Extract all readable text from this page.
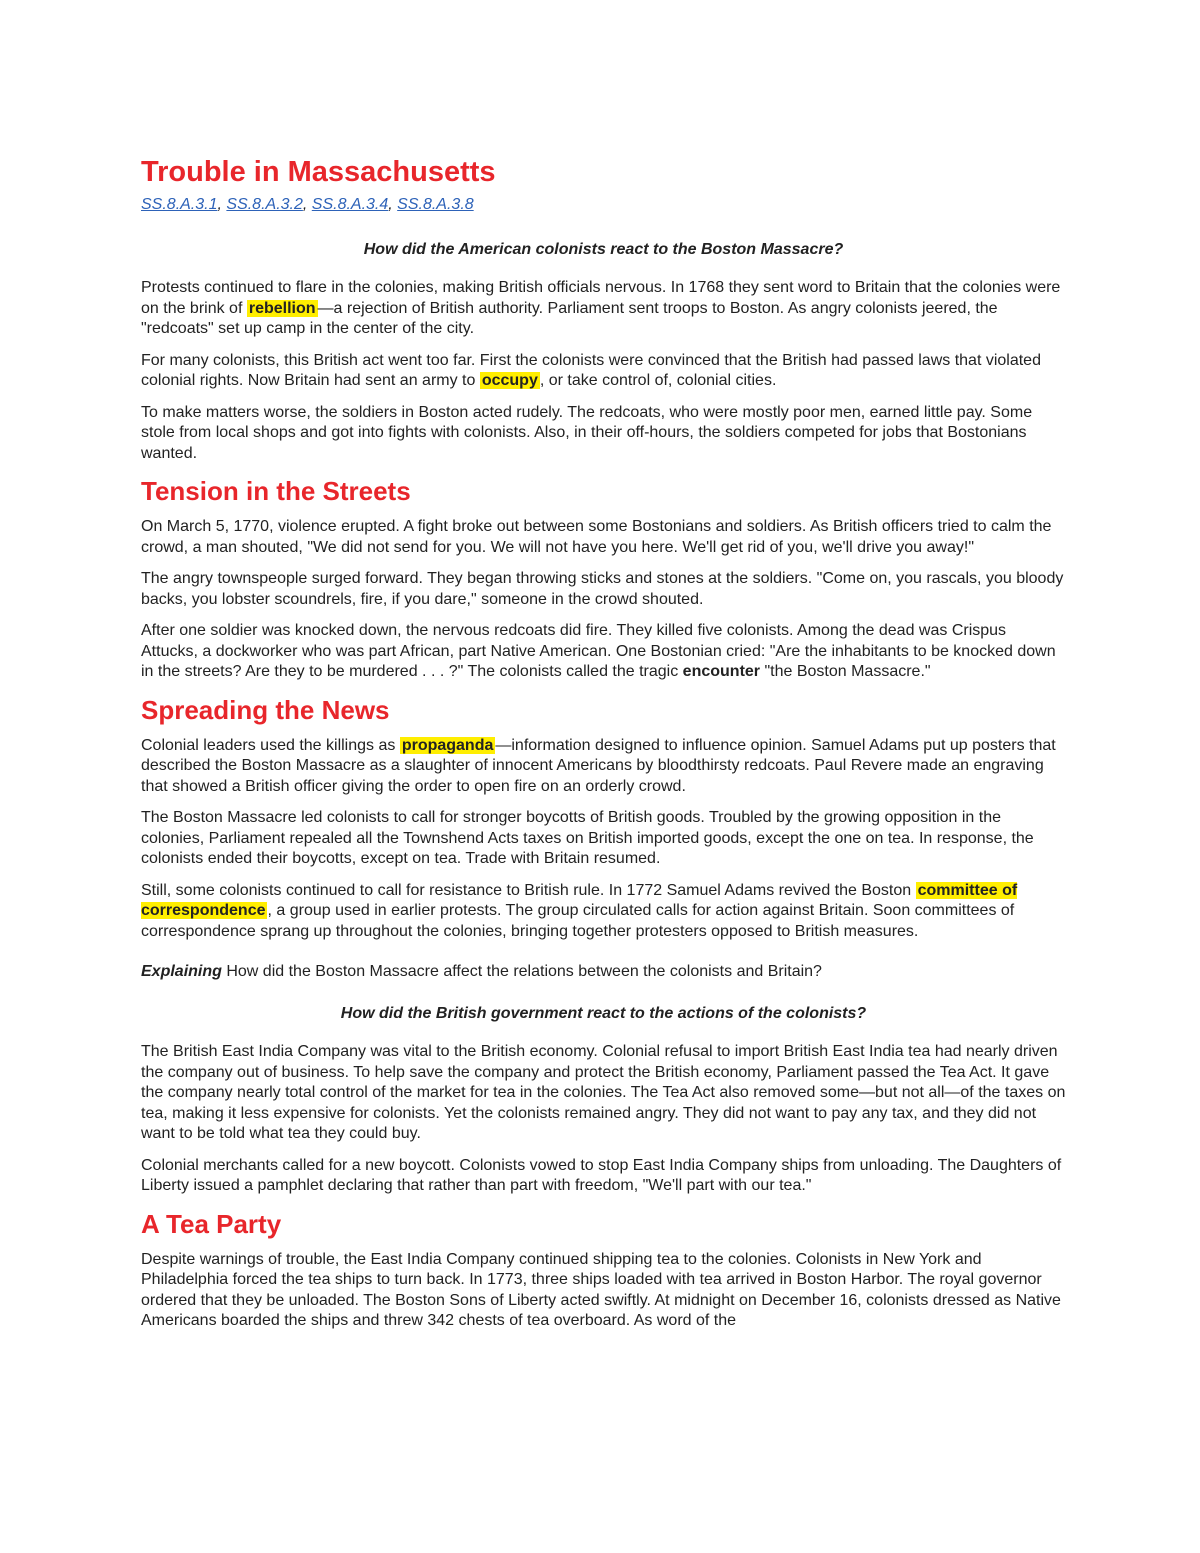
Trouble in Massachusetts
SS.8.A.3.1, SS.8.A.3.2, SS.8.A.3.4, SS.8.A.3.8
How did the American colonists react to the Boston Massacre?

Protests continued to flare in the colonies, making British officials nervous. In 1768 they sent word to Britain that the colonies were on the brink of rebellion —a rejection of British authority. Parliament sent troops to Boston. As angry colonists jeered, the "redcoats" set up camp in the center of the city.

For many colonists, this British act went too far. First the colonists were convinced that the British had passed laws that violated colonial rights. Now Britain had sent an army to occupy , or take control of, colonial cities.

To make matters worse, the soldiers in Boston acted rudely. The redcoats, who were mostly poor men, earned little pay. Some stole from local shops and got into fights with colonists. Also, in their off-hours, the soldiers competed for jobs that Bostonians wanted.

Tension in the Streets

On March 5, 1770, violence erupted. A fight broke out between some Bostonians and soldiers. As British officers tried to calm the crowd, a man shouted, "We did not send for you. We will not have you here. We'll get rid of you, we'll drive you away!"

The angry townspeople surged forward. They began throwing sticks and stones at the soldiers. "Come on, you rascals, you bloody backs, you lobster scoundrels, fire, if you dare," someone in the crowd shouted.

After one soldier was knocked down, the nervous redcoats did fire. They killed five colonists. Among the dead was Crispus Attucks, a dockworker who was part African, part Native American. One Bostonian cried: "Are the inhabitants to be knocked down in the streets? Are they to be murdered . . . ?" The colonists called the tragic encounter "the Boston Massacre."

Spreading the News

Colonial leaders used the killings as propaganda —information designed to influence opinion. Samuel Adams put up posters that described the Boston Massacre as a slaughter of innocent Americans by bloodthirsty redcoats. Paul Revere made an engraving that showed a British officer giving the order to open fire on an orderly crowd.

The Boston Massacre led colonists to call for stronger boycotts of British goods. Troubled by the growing opposition in the colonies, Parliament repealed all the Townshend Acts taxes on British imported goods, except the one on tea. In response, the colonists ended their boycotts, except on tea. Trade with Britain resumed.

Still, some colonists continued to call for resistance to British rule. In 1772 Samuel Adams revived the Boston committee of correspondence , a group used in earlier protests. The group circulated calls for action against Britain. Soon committees of correspondence sprang up throughout the colonies, bringing together protesters opposed to British measures.

Explaining How did the Boston Massacre affect the relations between the colonists and Britain?
How did the British government react to the actions of the colonists?

The British East India Company was vital to the British economy. Colonial refusal to import British East India tea had nearly driven the company out of business. To help save the company and protect the British economy, Parliament passed the Tea Act. It gave the company nearly total control of the market for tea in the colonies. The Tea Act also removed some—but not all—of the taxes on tea, making it less expensive for colonists. Yet the colonists remained angry. They did not want to pay any tax, and they did not want to be told what tea they could buy.

Colonial merchants called for a new boycott. Colonists vowed to stop East India Company ships from unloading. The Daughters of Liberty issued a pamphlet declaring that rather than part with freedom, "We'll part with our tea."

A Tea Party

Despite warnings of trouble, the East India Company continued shipping tea to the colonies. Colonists in New York and Philadelphia forced the tea ships to turn back. In 1773, three ships loaded with tea arrived in Boston Harbor. The royal governor ordered that they be unloaded. The Boston Sons of Liberty acted swiftly. At midnight on December 16, colonists dressed as Native Americans boarded the ships and threw 342 chests of tea overboard. As word of the
